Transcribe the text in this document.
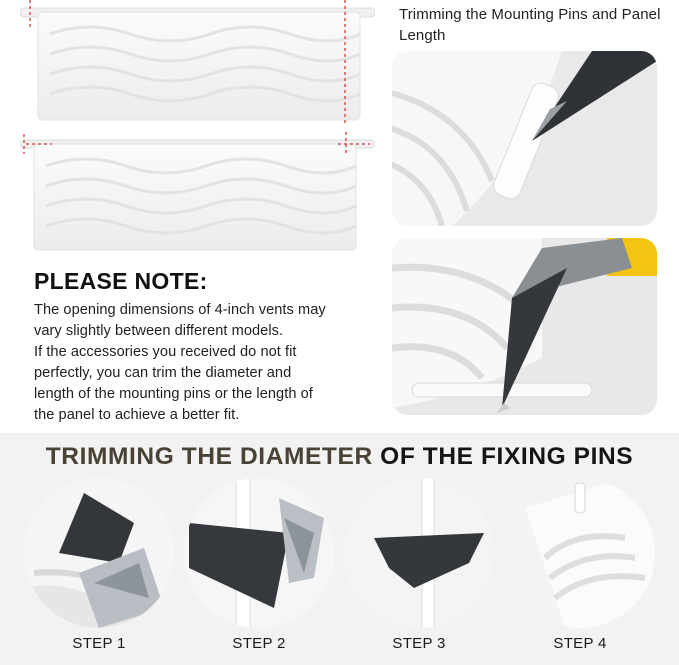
Trimming the Mounting Pins and Panel Length
PLEASE NOTE:
The opening dimensions of 4-inch vents may
vary slightly between different models.
If the accessories you received do not fit
perfectly, you can trim the diameter and
length of the mounting pins or the length of
the panel to achieve a better fit.
TRIMMING THE DIAMETER OF THE FIXING PINS
STEP 1	STEP 2	STEP 3	STEP 4
